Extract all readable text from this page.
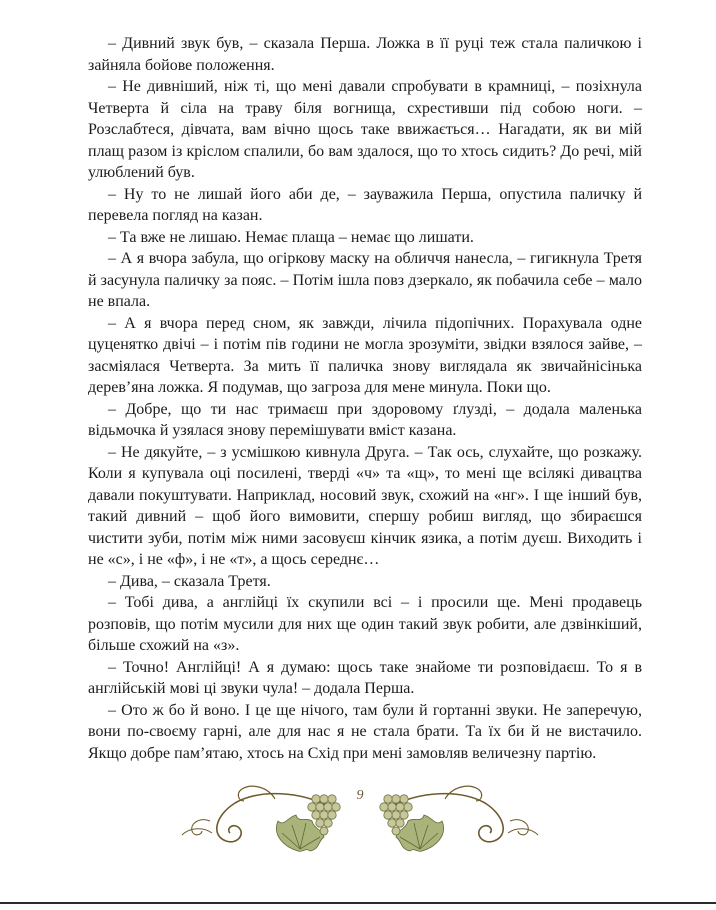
– Дивний звук був, – сказала Перша. Ложка в її руці теж стала паличкою і зайняла бойове положення.

– Не дивніший, ніж ті, що мені давали спробувати в крамниці, – позіхнула Четверта й сіла на траву біля вогнища, схрестивши під собою ноги. – Розслабтеся, дівчата, вам вічно щось таке ввижається… Нагадати, як ви мій плащ разом із кріслом спалили, бо вам здалося, що то хтось сидить? До речі, мій улюблений був.

– Ну то не лишай його аби де, – зауважила Перша, опустила паличку й перевела погляд на казан.

– Та вже не лишаю. Немає плаща – немає що лишати.

– А я вчора забула, що огіркову маску на обличчя нанесла, – гигикнула Третя й засунула паличку за пояс. – Потім ішла повз дзеркало, як побачила себе – мало не впала.

– А я вчора перед сном, як завжди, лічила підопічних. Порахувала одне цуценятко двічі – і потім пів години не могла зрозуміти, звідки взялося зайве, – засміялася Четверта. За мить її паличка знову виглядала як звичайнісінька дерев’яна ложка. Я подумав, що загроза для мене минула. Поки що.

– Добре, що ти нас тримаєш при здоровому ґлузді, – додала маленька відьмочка й узялася знову перемішувати вміст казана.

– Не дякуйте, – з усмішкою кивнула Друга. – Так ось, слухайте, що розкажу. Коли я купувала оці посилені, тверді «ч» та «щ», то мені ще всілякі дивацтва давали покуштувати. Наприклад, носовий звук, схожий на «нг». І ще інший був, такий дивний – щоб його вимовити, спершу робиш вигляд, що збираєшся чистити зуби, потім між ними засовуєш кінчик язика, а потім дуєш. Виходить і не «с», і не «ф», і не «т», а щось середнє…

– Дива, – сказала Третя.

– Тобі дива, а англійці їх скупили всі – і просили ще. Мені продавець розповів, що потім мусили для них ще один такий звук робити, але дзвінкіший, більше схожий на «з».

– Точно! Англійці! А я думаю: щось таке знайоме ти розповідаєш. То я в англійській мові ці звуки чула! – додала Перша.

– Ото ж бо й воно. І це ще нічого, там були й гортанні звуки. Не заперечую, вони по-своєму гарні, але для нас я не стала брати. Та їх би й не вистачило. Якщо добре пам’ятаю, хтось на Схід при мені замовляв величезну партію.

9
